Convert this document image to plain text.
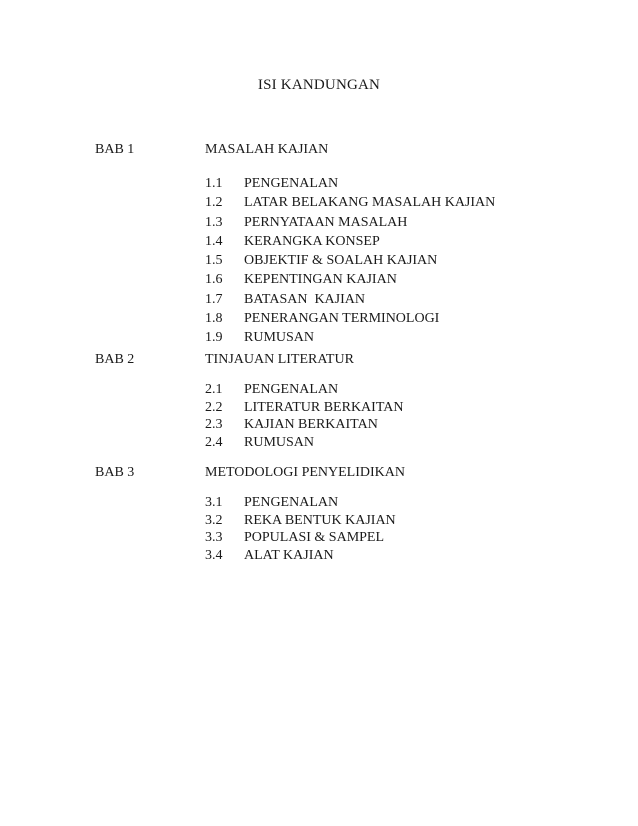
ISI KANDUNGAN
BAB 1	MASALAH KAJIAN
1.1 PENGENALAN
1.2 LATAR BELAKANG MASALAH KAJIAN
1.3 PERNYATAAN MASALAH
1.4 KERANGKA KONSEP
1.5 OBJEKTIF & SOALAH KAJIAN
1.6 KEPENTINGAN KAJIAN
1.7 BATASAN  KAJIAN
1.8 PENERANGAN TERMINOLOGI
1.9 RUMUSAN
BAB 2	TINJAUAN LITERATUR
2.1 PENGENALAN
2.2 LITERATUR BERKAITAN
2.3 KAJIAN BERKAITAN
2.4 RUMUSAN
BAB 3	METODOLOGI PENYELIDIKAN
3.1 PENGENALAN
3.2 REKA BENTUK KAJIAN
3.3 POPULASI & SAMPEL
3.4 ALAT KAJIAN
